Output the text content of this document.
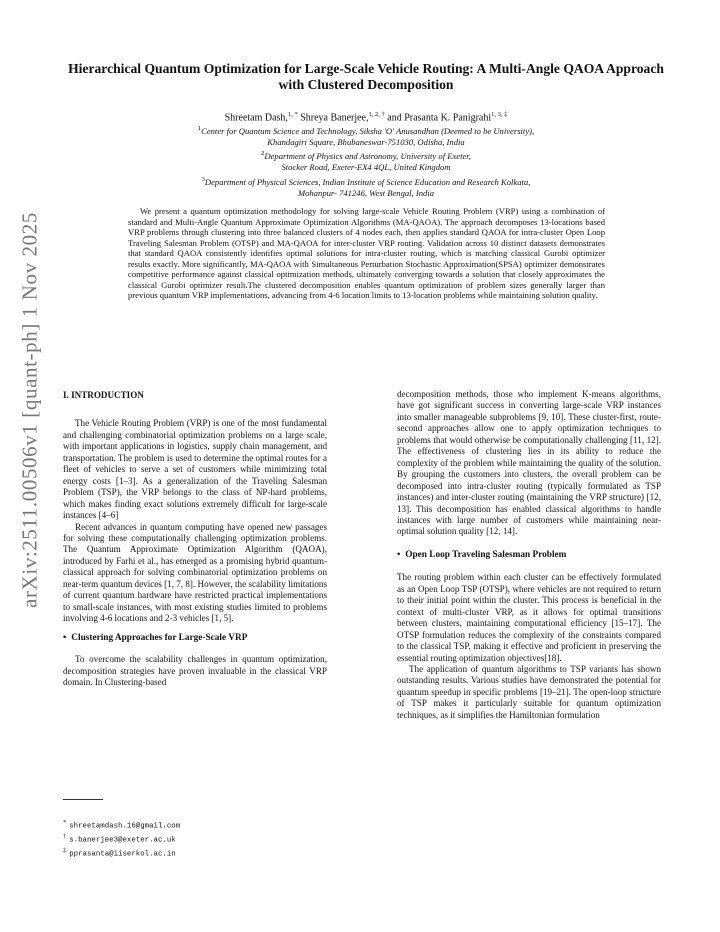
arXiv:2511.00506v1 [quant-ph] 1 Nov 2025
Hierarchical Quantum Optimization for Large-Scale Vehicle Routing: A Multi-Angle QAOA Approach with Clustered Decomposition
Shreetam Dash,$^{1, *}$ Shreya Banerjee,$^{1, 2, \dagger}$ and Prasanta K. Panigrahi$^{1, 3, \ddagger}$

$^1$Center for Quantum Science and Technology, Siksha 'O' Anusandhan (Deemed to be University),

Khandagiri Square, Bhubaneswar-751030, Odisha, India

$^2$Department of Physics and Astronomy, University of Exeter,

Stocker Road, Exeter-EX4 4QL, United Kingdom

$^3$Department of Physical Sciences, Indian Institute of Science Education and Research Kolkata,

Mohanpur- 741246, West Bengal, India

We present a quantum optimization methodology for solving large-scale Vehicle Routing Problem (VRP) using a combination of standard and Multi-Angle Quantum Approximate Optimization Algorithms (MA-QAOA). The approach decomposes 13-locations based VRP problems through clustering into three balanced clusters of 4 nodes each, then applies standard QAOA for intra-cluster Open Loop Traveling Salesman Problem (OTSP) and MA-QAOA for inter-cluster VRP routing. Validation across 10 distinct datasets demonstrates that standard QAOA consistently identifies optimal solutions for intra-cluster routing, which is matching classical Gurobi optimizer results exactly. More significantly, MA-QAOA with Simultaneous Perturbation Stochastic Approximation(SPSA) optimizer demonstrates competitive performance against classical optimization methods, ultimately converging towards a solution that closely approximates the classical Gurobi optimizer result.The clustered decomposition enables quantum optimization of problem sizes generally larger than previous quantum VRP implementations, advancing from 4-6 location limits to 13-location problems while maintaining solution quality.

I. INTRODUCTION

The Vehicle Routing Problem (VRP) is one of the most fundamental and challenging combinatorial optimization problems on a large scale, with important applications in logistics, supply chain management, and transportation. The problem is used to determine the optimal routes for a fleet of vehicles to serve a set of customers while minimizing total energy costs [1–3]. As a generalization of the Traveling Salesman Problem (TSP), the VRP belongs to the class of NP-hard problems, which makes finding exact solutions extremely difficult for large-scale instances [4–6]

Recent advances in quantum computing have opened new passages for solving these computationally challenging optimization problems. The Quantum Approximate Optimization Algorithm (QAOA), introduced by Farhi et al., has emerged as a promising hybrid quantum-classical approach for solving combinatorial optimization problems on near-term quantum devices [1, 7, 8]. However, the scalability limitations of current quantum hardware have restricted practical implementations to small-scale instances, with most existing studies limited to problems involving 4-6 locations and 2-3 vehicles [1, 5].

• Clustering Approaches for Large-Scale VRP

To overcome the scalability challenges in quantum optimization, decomposition strategies have proven invaluable in the classical VRP domain. In Clustering-based

decomposition methods, those who implement K-means algorithms, have got significant success in converting large-scale VRP instances into smaller manageable subproblems [9, 10]. These cluster-first, route-second approaches allow one to apply optimization techniques to problems that would otherwise be computationally challenging [11, 12]. The effectiveness of clustering lies in its ability to reduce the complexity of the problem while maintaining the quality of the solution. By grouping the customers into clusters, the overall problem can be decomposed into intra-cluster routing (typically formulated as TSP instances) and inter-cluster routing (maintaining the VRP structure) [12, 13]. This decomposition has enabled classical algorithms to handle instances with large number of customers while maintaining near-optimal solution quality [12, 14].

• Open Loop Traveling Salesman Problem

The routing problem within each cluster can be effectively formulated as an Open Loop TSP (OTSP), where vehicles are not required to return to their initial point within the cluster. This process is beneficial in the context of multi-cluster VRP, as it allows for optimal transitions between clusters, maintaining computational efficiency [15–17]. The OTSP formulation reduces the complexity of the constraints compared to the classical TSP, making it effective and proficient in preserving the essential routing optimization objectives[18].

The application of quantum algorithms to TSP variants has shown outstanding results. Various studies have demonstrated the potential for quantum speedup in specific problems [19–21]. The open-loop structure of TSP makes it particularly suitable for quantum optimization techniques, as it simplifies the Hamiltonian formulation

* shreetamdash.16@gmail.com

† s.banerjee3@exeter.ac.uk

‡ pprasanta@iiserkol.ac.in
